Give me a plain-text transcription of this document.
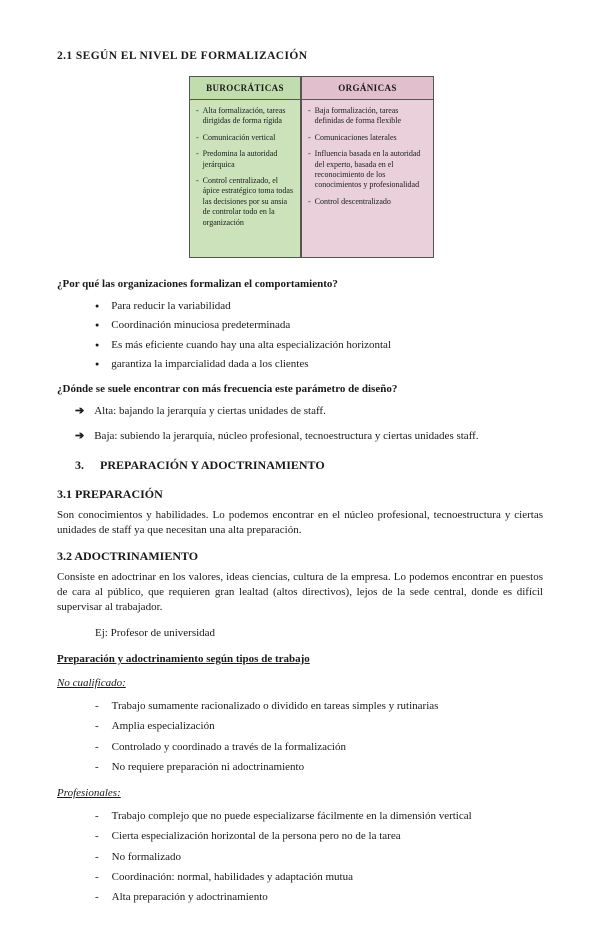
2.1 SEGÚN EL NIVEL DE FORMALIZACIÓN
BUROCRÁTICAS
- Alta formalización, tareas dirigidas de forma rígida
- Comunicación vertical
- Predomina la autoridad jerárquica
- Control centralizado, el ápice estratégico toma todas las decisiones por su ansia de controlar todo en la organización
ORGÁNICAS
- Baja formalización, tareas definidas de forma flexible
- Comunicaciones laterales
- Influencia basada en la autoridad del experto, basada en el reconocimiento de los conocimientos y profesionalidad
- Control descentralizado
¿Por qué las organizaciones formalizan el comportamiento?
● Para reducir la variabilidad
● Coordinación minuciosa predeterminada
● Es más eficiente cuando hay una alta especialización horizontal
● garantiza la imparcialidad dada a los clientes
¿Dónde se suele encontrar con más frecuencia este parámetro de diseño?
➔ Alta: bajando la jerarquía y ciertas unidades de staff.
➔ Baja: subiendo la jerarquía, núcleo profesional, tecnoestructura y ciertas unidades staff.
3. PREPARACIÓN Y ADOCTRINAMIENTO
3.1 PREPARACIÓN
Son conocimientos y habilidades. Lo podemos encontrar en el núcleo profesional, tecnoestructura y ciertas unidades de staff ya que necesitan una alta preparación.
3.2 ADOCTRINAMIENTO
Consiste en adoctrinar en los valores, ideas ciencias, cultura de la empresa. Lo podemos encontrar en puestos de cara al público, que requieren gran lealtad (altos directivos), lejos de la sede central, donde es difícil supervisar al trabajador.
Ej: Profesor de universidad
Preparación y adoctrinamiento según tipos de trabajo
No cualificado:
- Trabajo sumamente racionalizado o dividido en tareas simples y rutinarias
- Amplia especialización
- Controlado y coordinado a través de la formalización
- No requiere preparación ni adoctrinamiento
Profesionales:
- Trabajo complejo que no puede especializarse fácilmente en la dimensión vertical
- Cierta especialización horizontal de la persona pero no de la tarea
- No formalizado
- Coordinación: normal, habilidades y adaptación mutua
- Alta preparación y adoctrinamiento
